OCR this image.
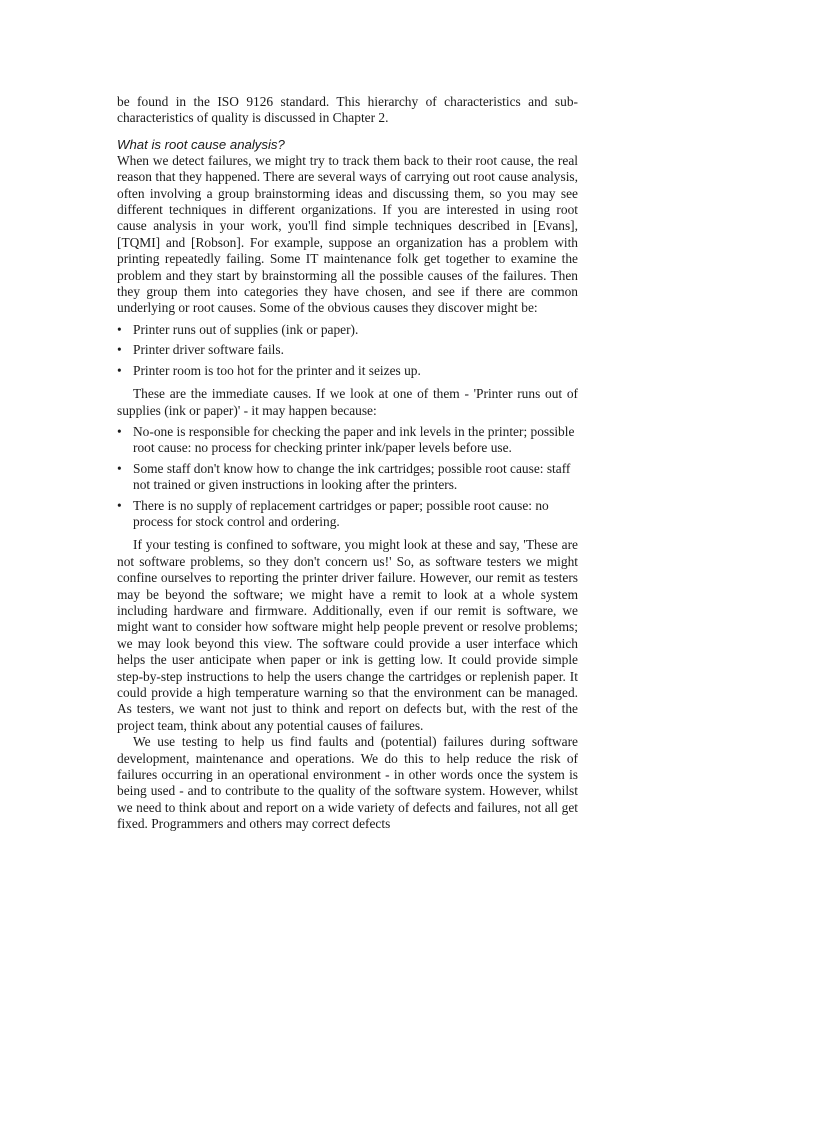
be found in the ISO 9126 standard. This hierarchy of characteristics and sub-characteristics of quality is discussed in Chapter 2.

What is root cause analysis?

When we detect failures, we might try to track them back to their root cause, the real reason that they happened. There are several ways of carrying out root cause analysis, often involving a group brainstorming ideas and discussing them, so you may see different techniques in different organizations. If you are interested in using root cause analysis in your work, you'll find simple techniques described in [Evans], [TQMI] and [Robson]. For example, suppose an organization has a problem with printing repeatedly failing. Some IT maintenance folk get together to examine the problem and they start by brainstorming all the possible causes of the failures. Then they group them into categories they have chosen, and see if there are common underlying or root causes. Some of the obvious causes they discover might be:

• Printer runs out of supplies (ink or paper).
• Printer driver software fails.
• Printer room is too hot for the printer and it seizes up.

These are the immediate causes. If we look at one of them - 'Printer runs out of supplies (ink or paper)' - it may happen because:

• No-one is responsible for checking the paper and ink levels in the printer; possible root cause: no process for checking printer ink/paper levels before use.
• Some staff don't know how to change the ink cartridges; possible root cause: staff not trained or given instructions in looking after the printers.
• There is no supply of replacement cartridges or paper; possible root cause: no process for stock control and ordering.

If your testing is confined to software, you might look at these and say, 'These are not software problems, so they don't concern us!' So, as software testers we might confine ourselves to reporting the printer driver failure. However, our remit as testers may be beyond the software; we might have a remit to look at a whole system including hardware and firmware. Additionally, even if our remit is software, we might want to consider how software might help people prevent or resolve problems; we may look beyond this view. The software could provide a user interface which helps the user anticipate when paper or ink is getting low. It could provide simple step-by-step instructions to help the users change the cartridges or replenish paper. It could provide a high temperature warning so that the environment can be managed. As testers, we want not just to think and report on defects but, with the rest of the project team, think about any potential causes of failures.

We use testing to help us find faults and (potential) failures during software development, maintenance and operations. We do this to help reduce the risk of failures occurring in an operational environment - in other words once the system is being used - and to contribute to the quality of the software system. However, whilst we need to think about and report on a wide variety of defects and failures, not all get fixed. Programmers and others may correct defects
